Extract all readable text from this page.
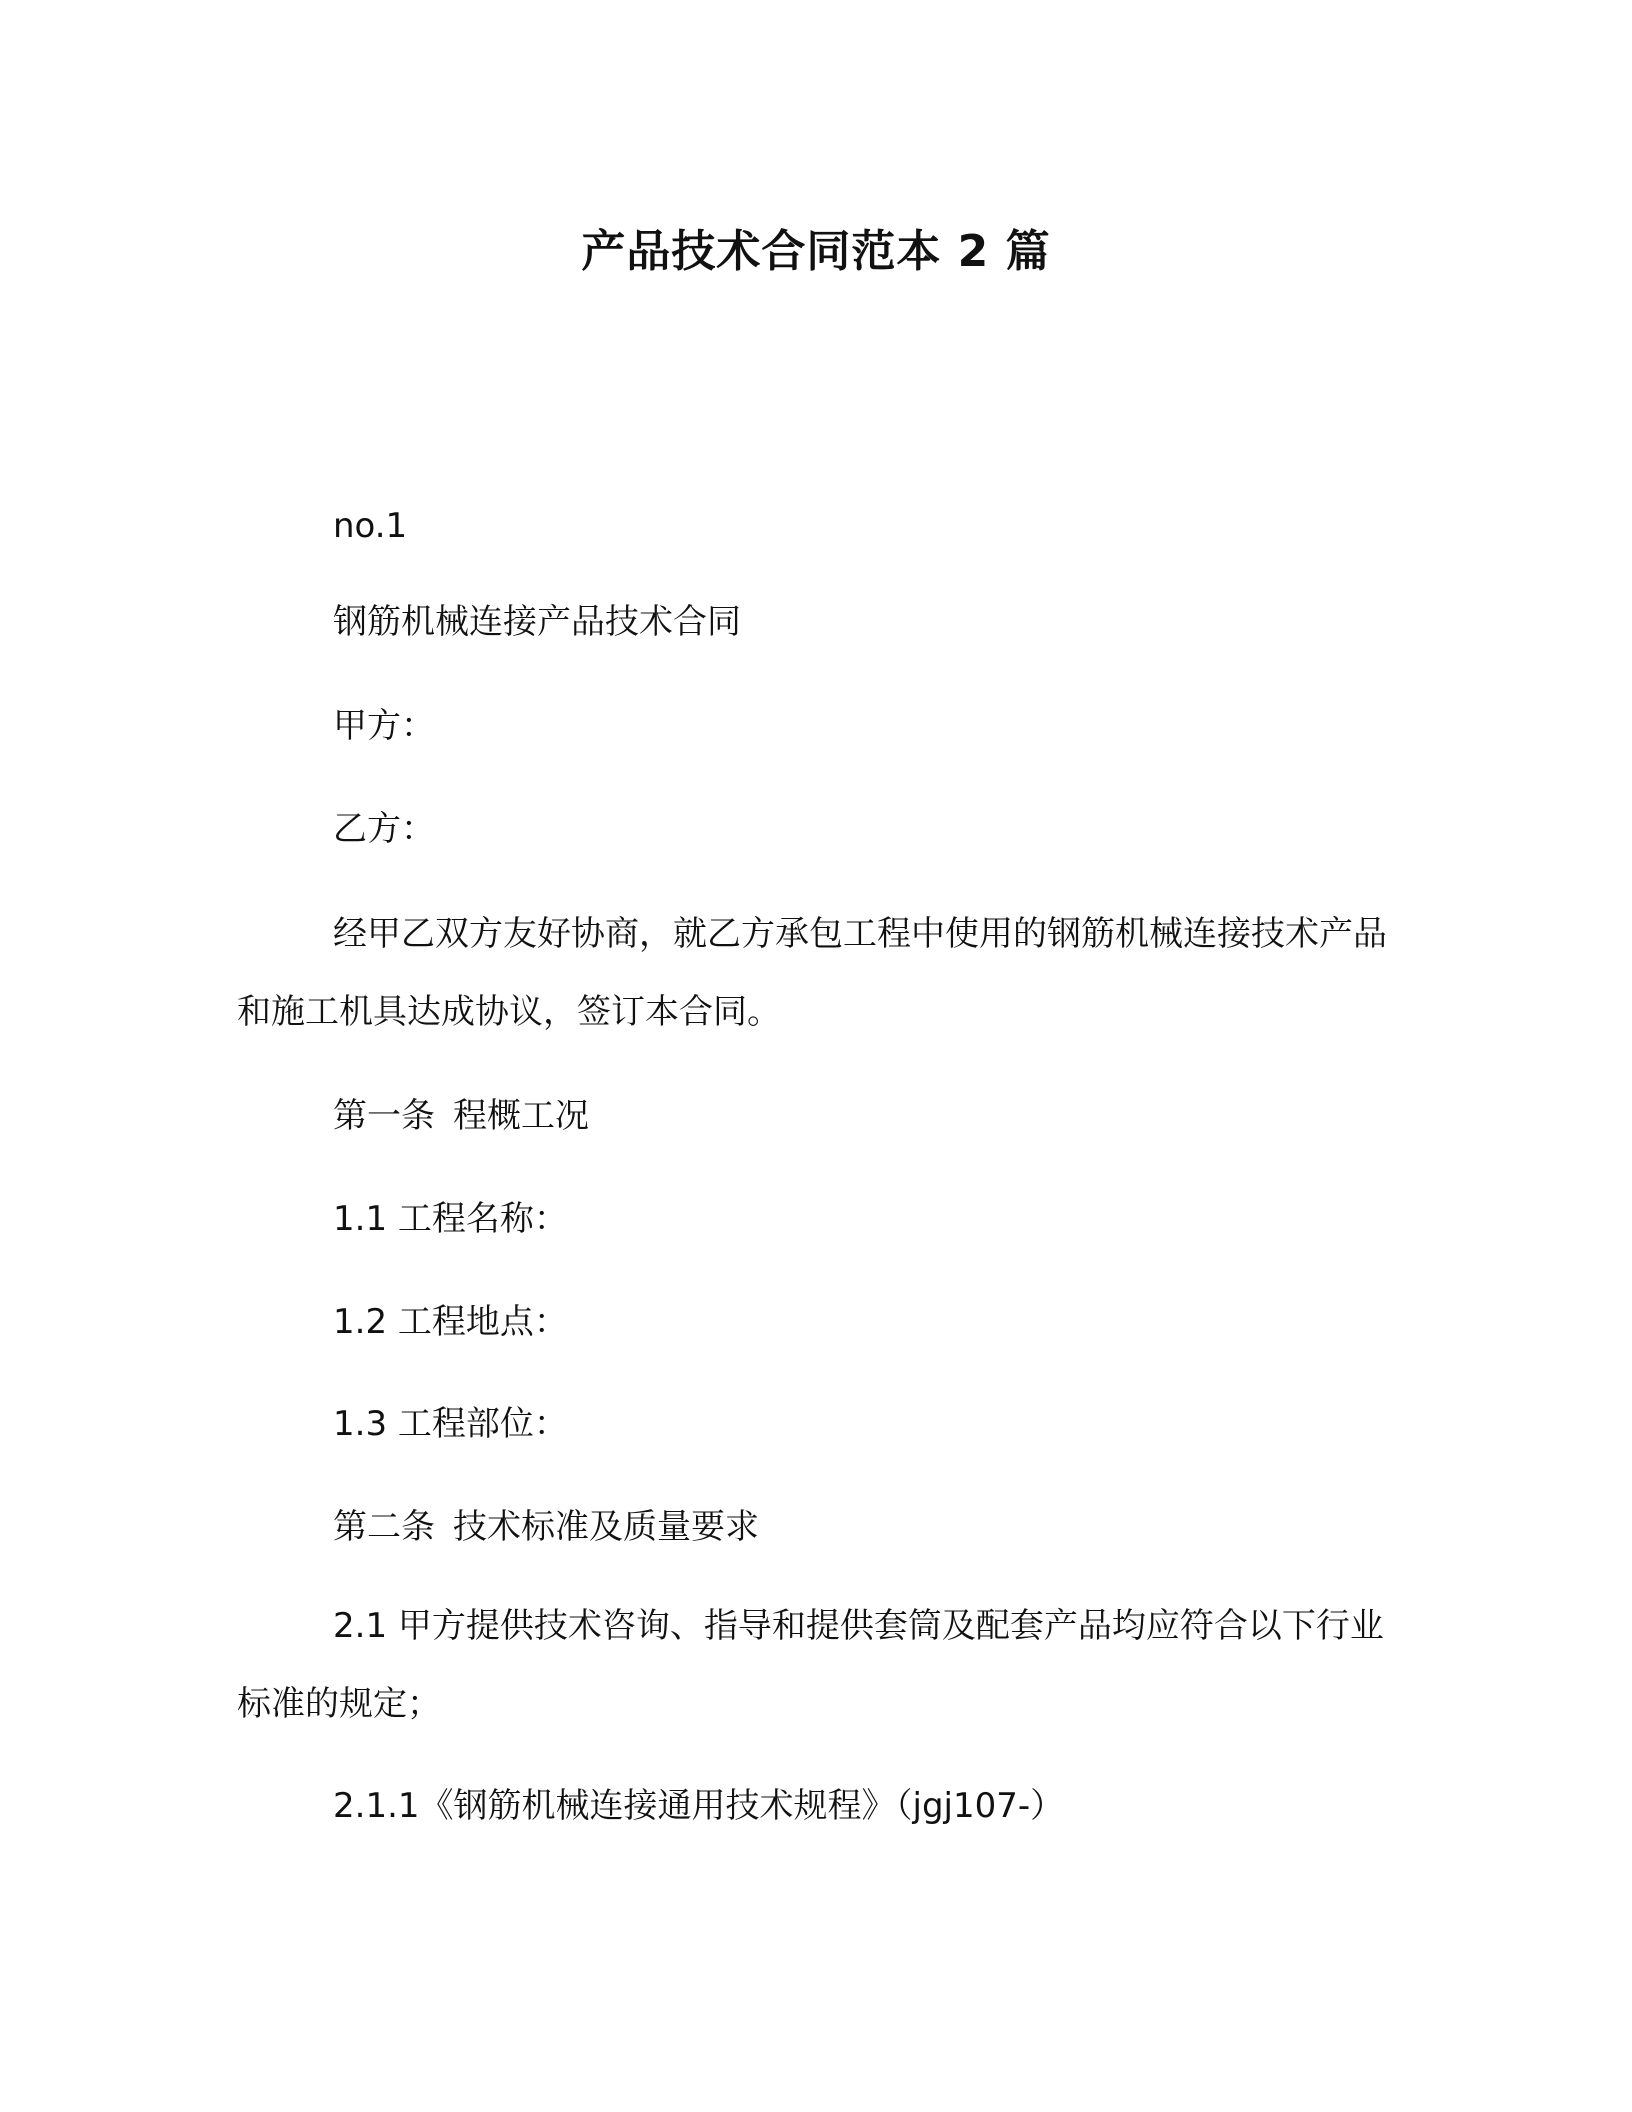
产品技术合同范本 2 篇

no.1

钢筋机械连接产品技术合同

甲方：

乙方：

经甲乙双方友好协商，就乙方承包工程中使用的钢筋机械连接技术产品和施工机具达成协议，签订本合同。

第一条 程概工况

1.1 工程名称：

1.2 工程地点：

1.3 工程部位：

第二条 技术标准及质量要求

2.1 甲方提供技术咨询、指导和提供套筒及配套产品均应符合以下行业标准的规定；

2.1.1《钢筋机械连接通用技术规程》（jgj107-）
